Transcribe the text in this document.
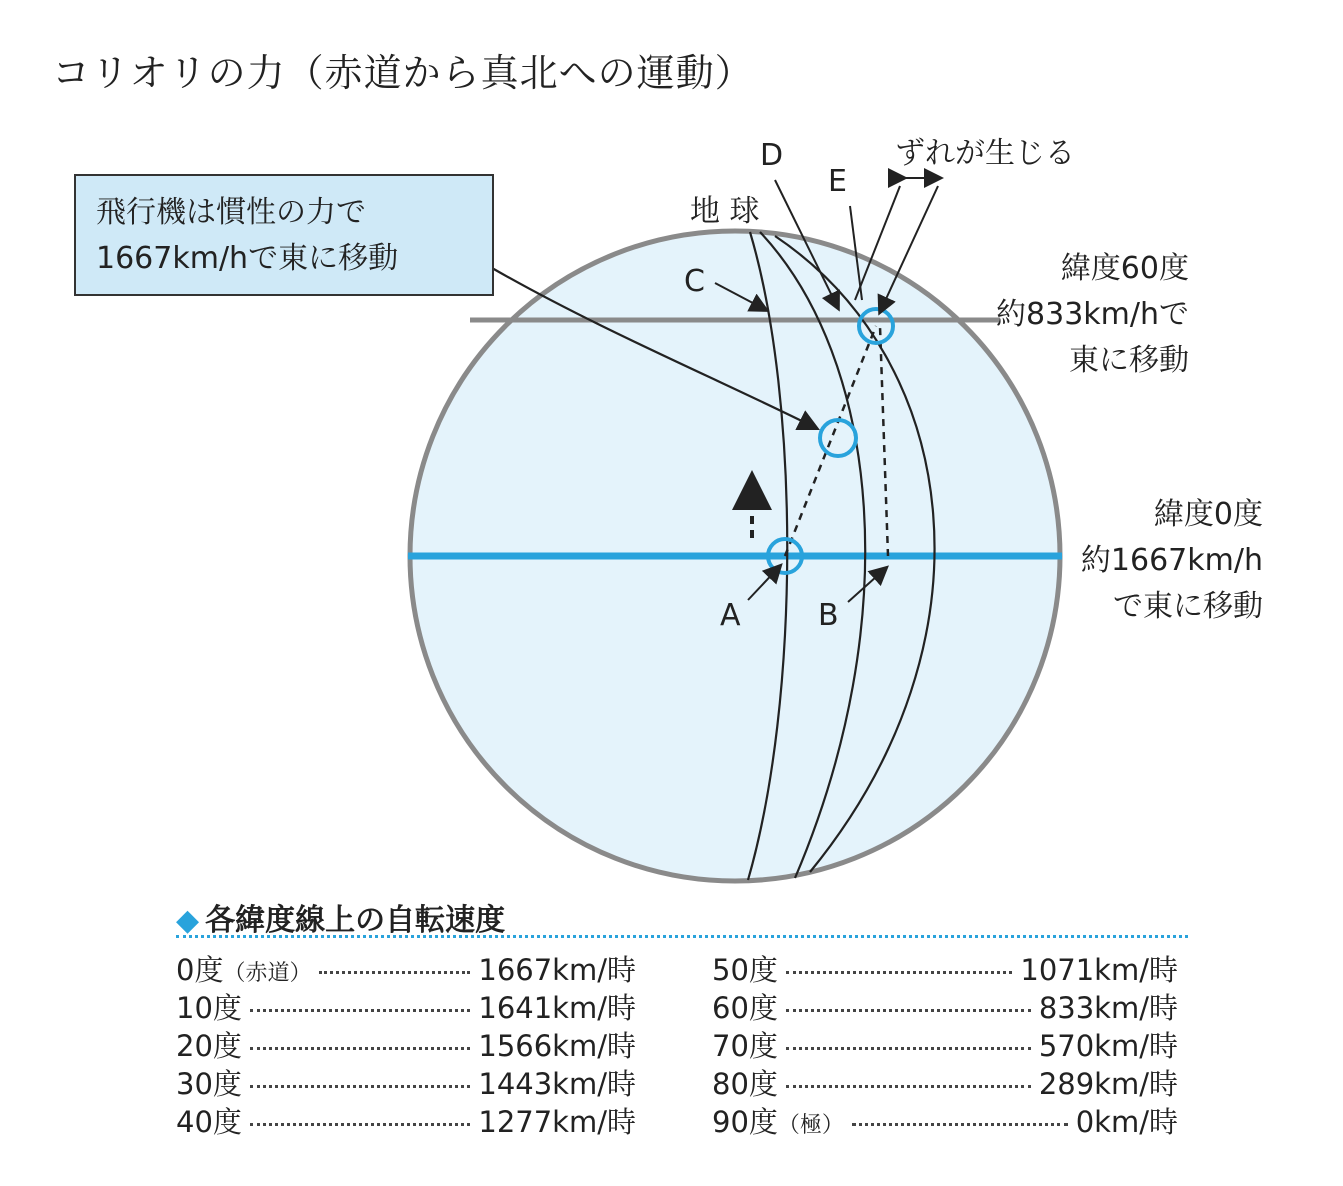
コリオリの力（赤道から真北への運動）
飛行機は慣性の力で
1667km/hで東に移動
地 球
ずれが生じる
D
E
C
A	B
緯度60度
約833km/hで
東に移動
緯度0度
約1667km/h
で東に移動
◆ 各緯度線上の自転速度
0度（赤道）	1667km/時
10度	1641km/時
20度	1566km/時
30度	1443km/時
40度	1277km/時
50度	1071km/時
60度	833km/時
70度	570km/時
80度	289km/時
90度（極）	0km/時
